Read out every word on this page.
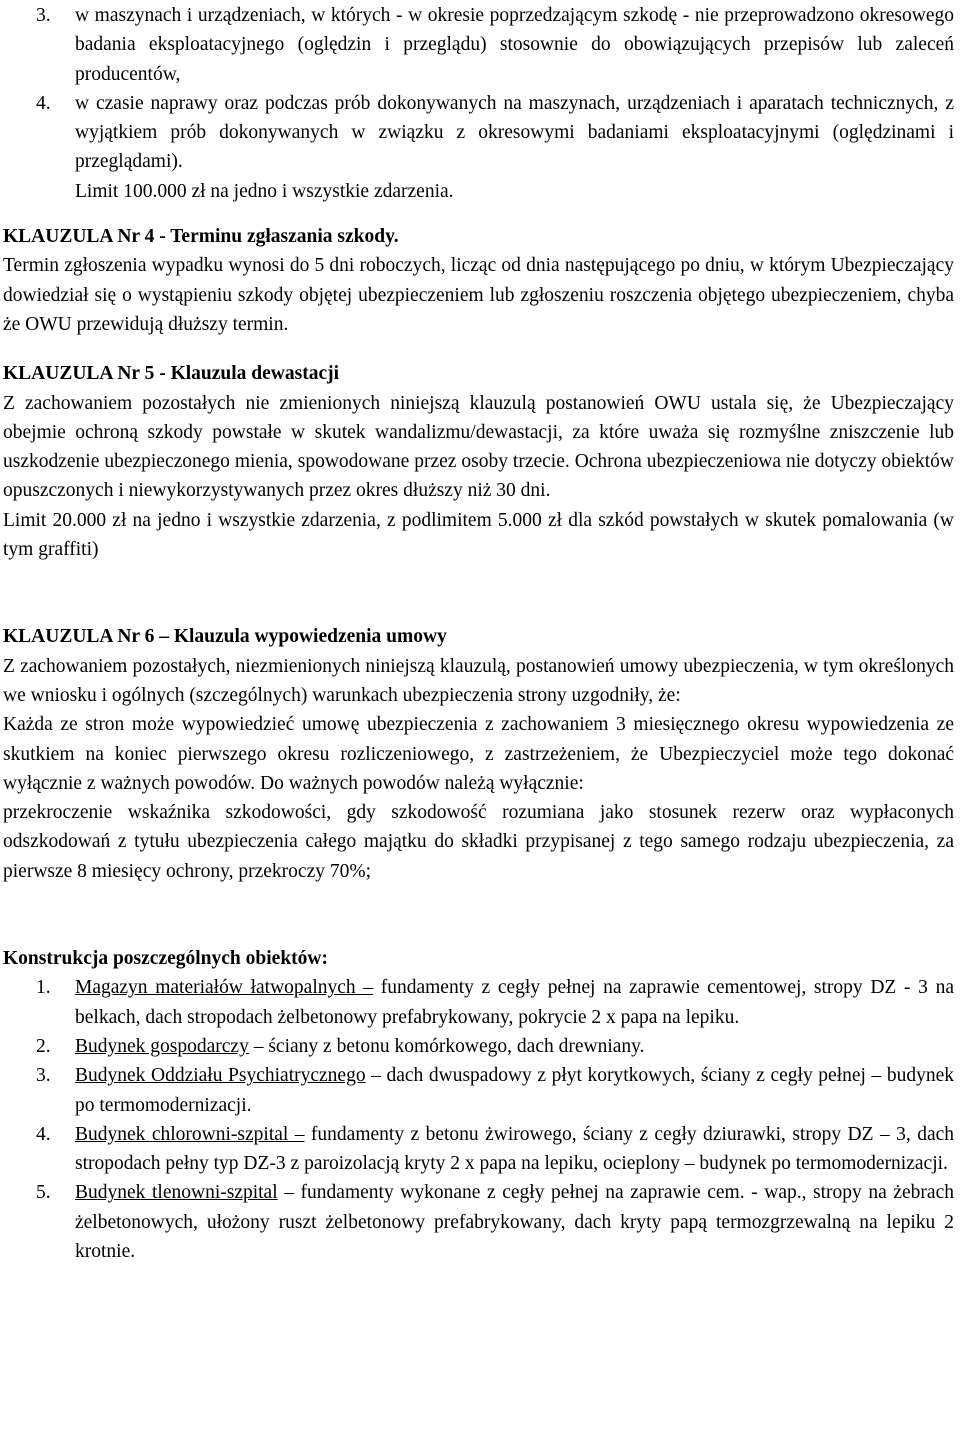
3. w maszynach i urządzeniach, w których - w okresie poprzedzającym szkodę - nie przeprowadzono okresowego badania eksploatacyjnego (oględzin i przeglądu) stosownie do obowiązujących przepisów lub zaleceń producentów,
4. w czasie naprawy oraz podczas prób dokonywanych na maszynach, urządzeniach i aparatach technicznych, z wyjątkiem prób dokonywanych w związku z okresowymi badaniami eksploatacyjnymi (oględzinami i przeglądami).
Limit 100.000 zł na jedno i wszystkie zdarzenia.

KLAUZULA Nr 4 - Terminu zgłaszania szkody.

Termin zgłoszenia wypadku wynosi do 5 dni roboczych, licząc od dnia następującego po dniu, w którym Ubezpieczający dowiedział się o wystąpieniu szkody objętej ubezpieczeniem lub zgłoszeniu roszczenia objętego ubezpieczeniem, chyba że OWU przewidują dłuższy termin.

KLAUZULA Nr 5 - Klauzula dewastacji

Z zachowaniem pozostałych nie zmienionych niniejszą klauzulą postanowień OWU ustala się, że Ubezpieczający obejmie ochroną szkody powstałe w skutek wandalizmu/dewastacji, za które uważa się rozmyślne zniszczenie lub uszkodzenie ubezpieczonego mienia, spowodowane przez osoby trzecie. Ochrona ubezpieczeniowa nie dotyczy obiektów opuszczonych i niewykorzystywanych przez okres dłuższy niż 30 dni.

Limit 20.000 zł na jedno i wszystkie zdarzenia, z podlimitem 5.000 zł dla szkód powstałych w skutek pomalowania (w tym graffiti)

KLAUZULA Nr 6 – Klauzula wypowiedzenia umowy

Z zachowaniem pozostałych, niezmienionych niniejszą klauzulą, postanowień umowy ubezpieczenia, w tym określonych we wniosku i ogólnych (szczególnych) warunkach ubezpieczenia strony uzgodniły, że:

Każda ze stron może wypowiedzieć umowę ubezpieczenia z zachowaniem 3 miesięcznego okresu wypowiedzenia ze skutkiem na koniec pierwszego okresu rozliczeniowego, z zastrzeżeniem, że Ubezpieczyciel może tego dokonać wyłącznie z ważnych powodów. Do ważnych powodów należą wyłącznie:

przekroczenie wskaźnika szkodowości, gdy szkodowość rozumiana jako stosunek rezerw oraz wypłaconych odszkodowań z tytułu ubezpieczenia całego majątku do składki przypisanej z tego samego rodzaju ubezpieczenia, za pierwsze 8 miesięcy ochrony, przekroczy 70%;

Konstrukcja poszczególnych obiektów:

1. Magazyn materiałów łatwopalnych – fundamenty z cegły pełnej na zaprawie cementowej, stropy DZ - 3 na belkach, dach stropodach żelbetonowy prefabrykowany, pokrycie 2 x papa na lepiku.
2. Budynek gospodarczy – ściany z betonu komórkowego, dach drewniany.
3. Budynek Oddziału Psychiatrycznego – dach dwuspadowy z płyt korytkowych, ściany z cegły pełnej – budynek po termomodernizacji.
4. Budynek chlorowni-szpital – fundamenty z betonu żwirowego, ściany z cegły dziurawki, stropy DZ – 3, dach stropodach pełny typ DZ-3 z paroizolacją kryty 2 x papa na lepiku, ocieplony – budynek po termomodernizacji.
5. Budynek tlenowni-szpital – fundamenty wykonane z cegły pełnej na zaprawie cem. - wap., stropy na żebrach żelbetonowych, ułożony ruszt żelbetonowy prefabrykowany, dach kryty papą termozgrzewalną na lepiku 2 krotnie.
